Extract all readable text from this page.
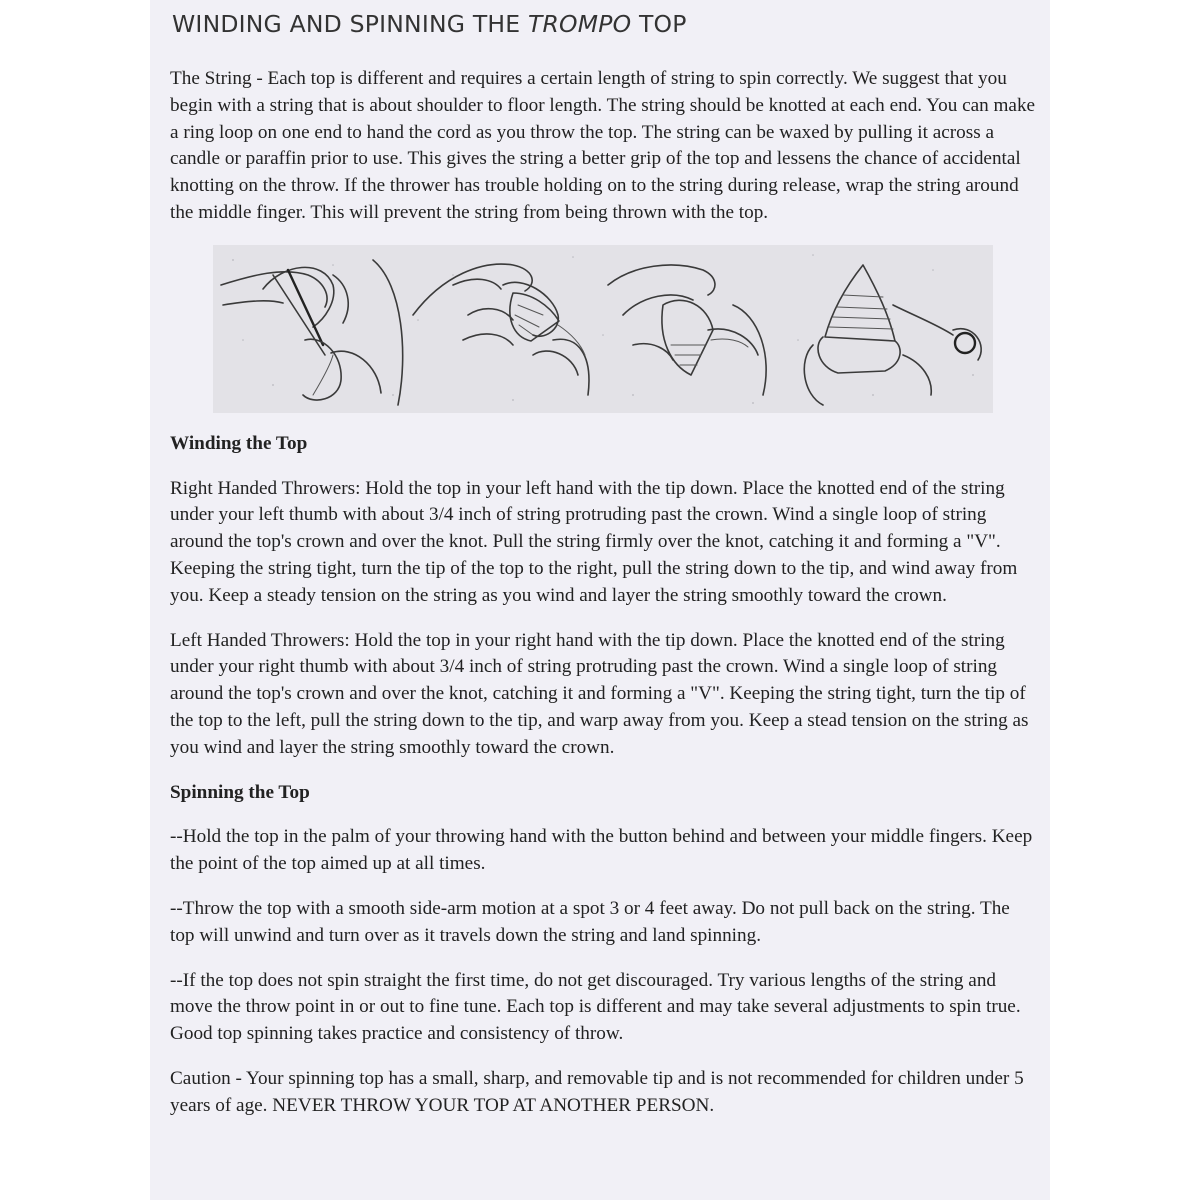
WINDING AND SPINNING THE TROMPO TOP

The String - Each top is different and requires a certain length of string to spin correctly. We suggest that you begin with a string that is about shoulder to floor length. The string should be knotted at each end. You can make a ring loop on one end to hand the cord as you throw the top. The string can be waxed by pulling it across a candle or paraffin prior to use. This gives the string a better grip of the top and lessens the chance of accidental knotting on the throw. If the thrower has trouble holding on to the string during release, wrap the string around the middle finger. This will prevent the string from being thrown with the top.

Winding the Top

Right Handed Throwers: Hold the top in your left hand with the tip down. Place the knotted end of the string under your left thumb with about 3/4 inch of string protruding past the crown. Wind a single loop of string around the top's crown and over the knot. Pull the string firmly over the knot, catching it and forming a "V". Keeping the string tight, turn the tip of the top to the right, pull the string down to the tip, and wind away from you. Keep a steady tension on the string as you wind and layer the string smoothly toward the crown.

Left Handed Throwers: Hold the top in your right hand with the tip down. Place the knotted end of the string under your right thumb with about 3/4 inch of string protruding past the crown. Wind a single loop of string around the top's crown and over the knot, catching it and forming a "V". Keeping the string tight, turn the tip of the top to the left, pull the string down to the tip, and warp away from you. Keep a stead tension on the string as you wind and layer the string smoothly toward the crown.

Spinning the Top

--Hold the top in the palm of your throwing hand with the button behind and between your middle fingers. Keep the point of the top aimed up at all times.

--Throw the top with a smooth side-arm motion at a spot 3 or 4 feet away. Do not pull back on the string. The top will unwind and turn over as it travels down the string and land spinning.

--If the top does not spin straight the first time, do not get discouraged. Try various lengths of the string and move the throw point in or out to fine tune. Each top is different and may take several adjustments to spin true. Good top spinning takes practice and consistency of throw.

Caution - Your spinning top has a small, sharp, and removable tip and is not recommended for children under 5 years of age. NEVER THROW YOUR TOP AT ANOTHER PERSON.
